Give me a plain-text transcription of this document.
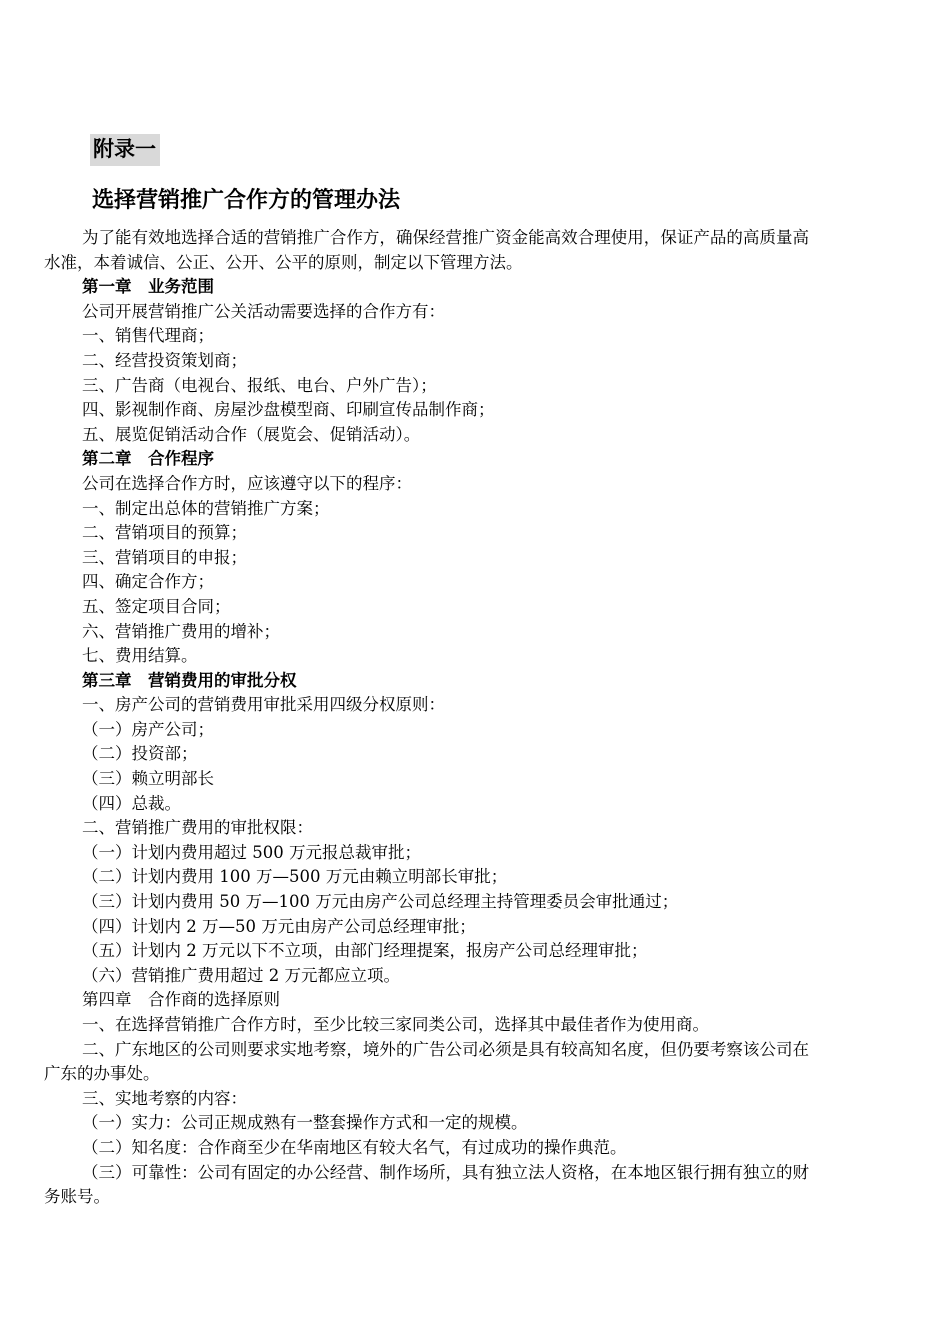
附录一
选择营销推广合作方的管理办法

为了能有效地选择合适的营销推广合作方，确保经营推广资金能高效合理使用，保证产品的高质量高水准，本着诚信、公正、公开、公平的原则，制定以下管理方法。

第一章　业务范围

公司开展营销推广公关活动需要选择的合作方有：

一、销售代理商；

二、经营投资策划商；

三、广告商（电视台、报纸、电台、户外广告）；

四、影视制作商、房屋沙盘模型商、印刷宣传品制作商；

五、展览促销活动合作（展览会、促销活动）。

第二章　合作程序

公司在选择合作方时，应该遵守以下的程序：

一、制定出总体的营销推广方案；

二、营销项目的预算；

三、营销项目的申报；

四、确定合作方；

五、签定项目合同；

六、营销推广费用的增补；

七、费用结算。

第三章　营销费用的审批分权

一、房产公司的营销费用审批采用四级分权原则：

（一）房产公司；

（二）投资部；

（三）赖立明部长

（四）总裁。

二、营销推广费用的审批权限：

（一）计划内费用超过 500 万元报总裁审批；

（二）计划内费用 100 万—500 万元由赖立明部长审批；

（三）计划内费用 50 万—100 万元由房产公司总经理主持管理委员会审批通过；

（四）计划内 2 万—50 万元由房产公司总经理审批；

（五）计划内 2 万元以下不立项，由部门经理提案，报房产公司总经理审批；

（六）营销推广费用超过 2 万元都应立项。

第四章　合作商的选择原则

一、在选择营销推广合作方时，至少比较三家同类公司，选择其中最佳者作为使用商。

二、广东地区的公司则要求实地考察，境外的广告公司必须是具有较高知名度，但仍要考察该公司在广东的办事处。

三、实地考察的内容：

（一）实力：公司正规成熟有一整套操作方式和一定的规模。

（二）知名度：合作商至少在华南地区有较大名气，有过成功的操作典范。

（三）可靠性：公司有固定的办公经营、制作场所，具有独立法人资格，在本地区银行拥有独立的财务账号。
